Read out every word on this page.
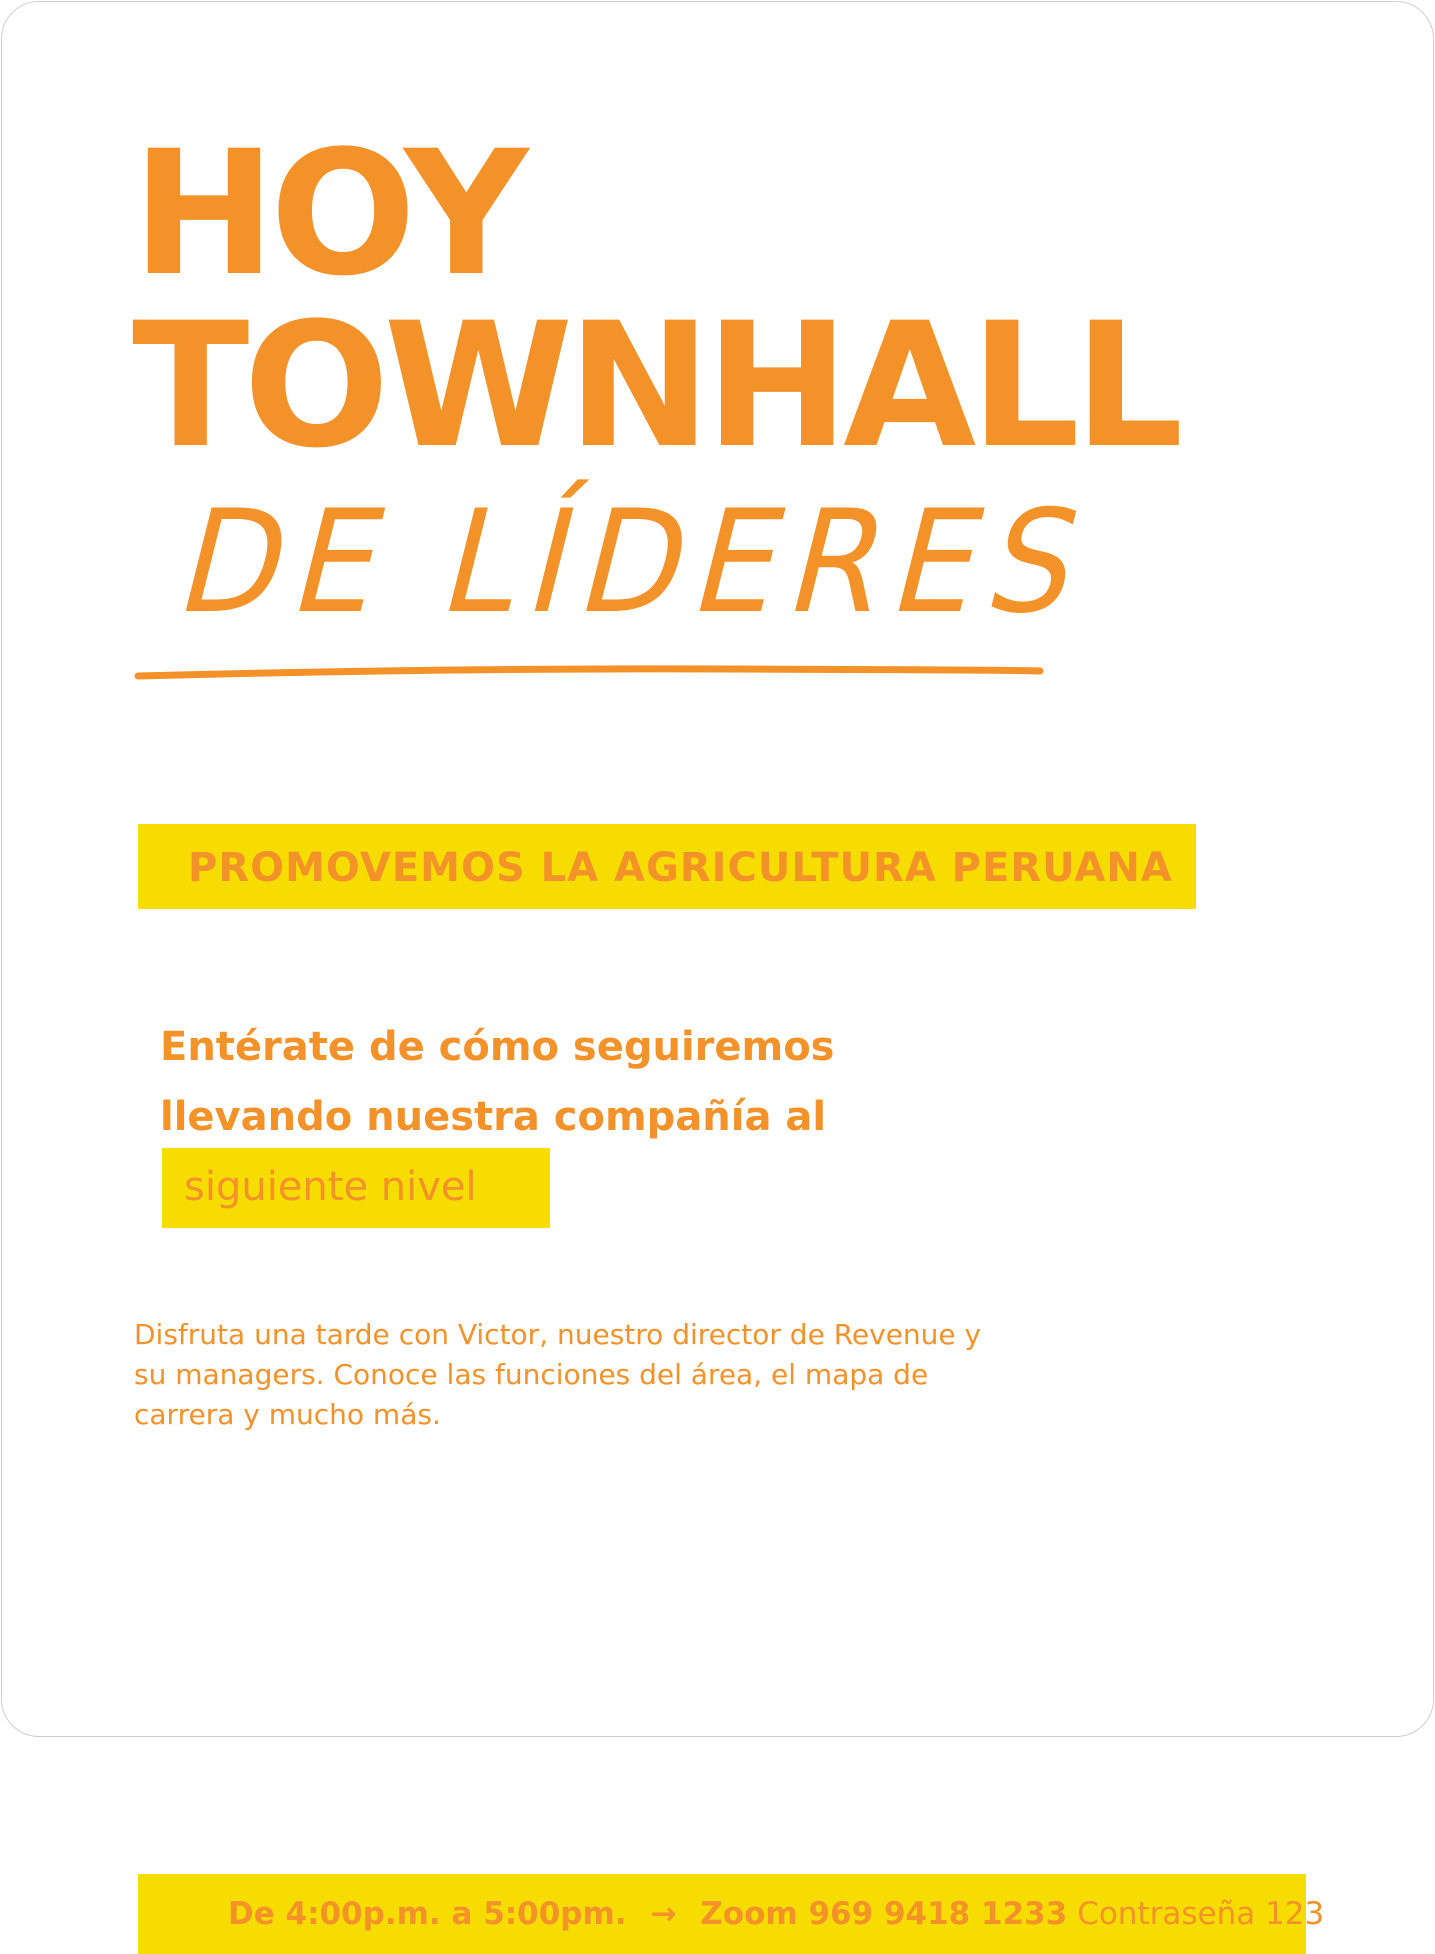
HOY
TOWNHALL
DE LÍDERES
PROMOVEMOS LA AGRICULTURA PERUANA
Entérate de cómo seguiremos
llevando nuestra compañía al
siguiente nivel

Disfruta una tarde con Victor, nuestro director de Revenue y su managers. Conoce las funciones del área, el mapa de carrera y mucho más.

De 4:00p.m. a 5:00pm. → Zoom 969 9418 1233 Contraseña 123
